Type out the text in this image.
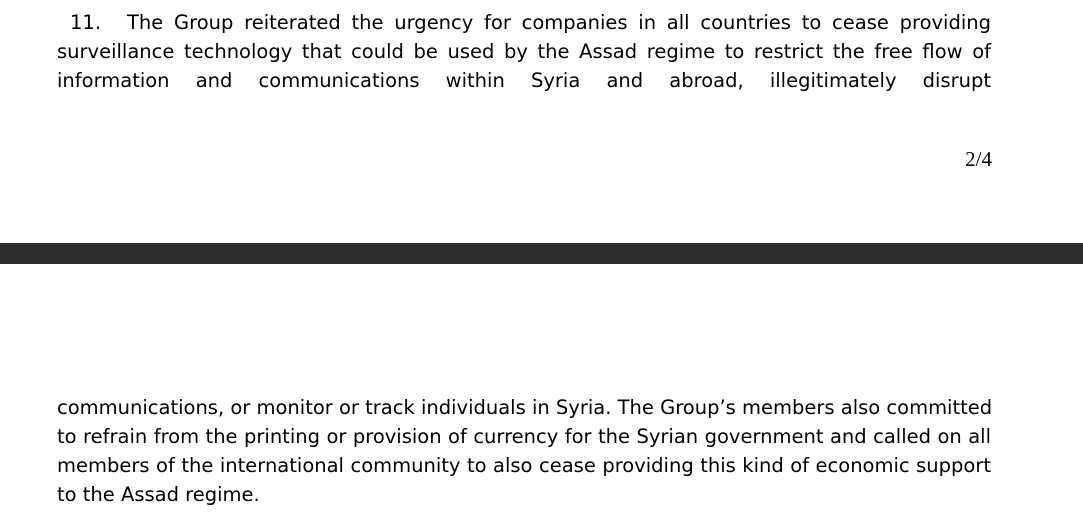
11. The Group reiterated the urgency for companies in all countries to cease providing
surveillance technology that could be used by the Assad regime to restrict the free flow of
information and communications within Syria and abroad, illegitimately disrupt
2/4
communications, or monitor or track individuals in Syria. The Group’s members also committed
to refrain from the printing or provision of currency for the Syrian government and called on all
members of the international community to also cease providing this kind of economic support
to the Assad regime.
